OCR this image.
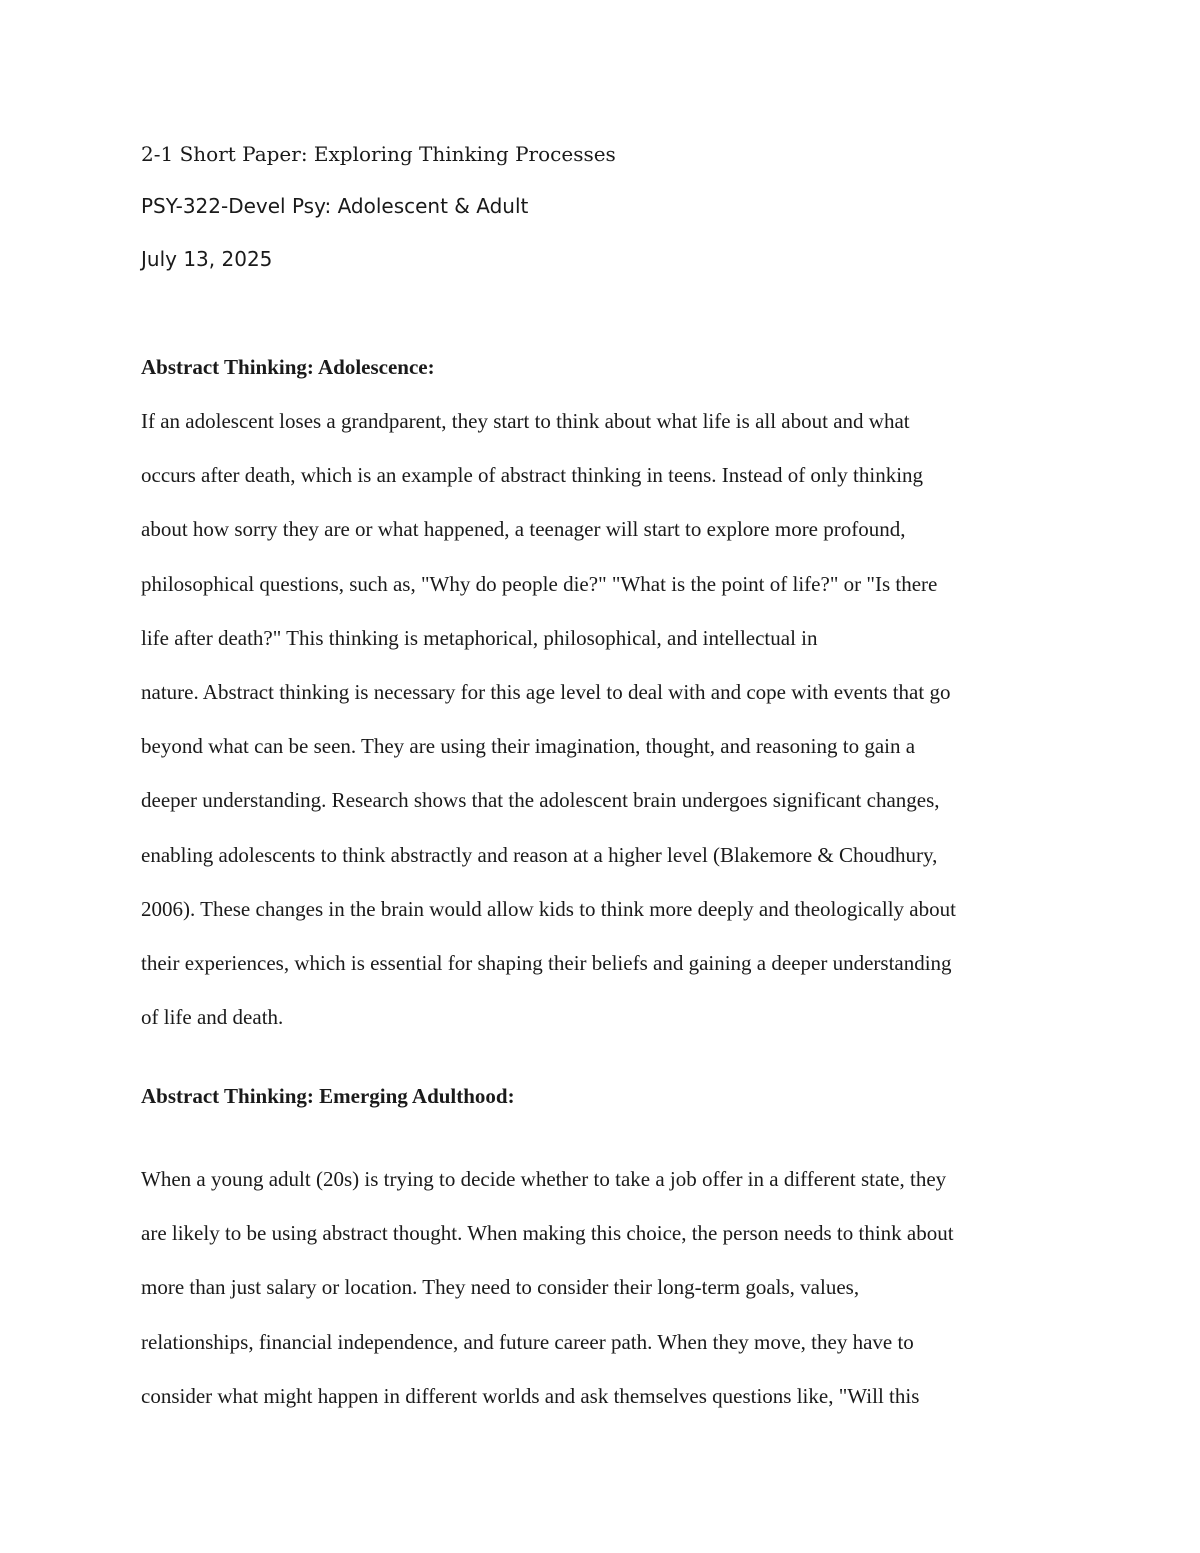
2-1 Short Paper: Exploring Thinking Processes
PSY-322-Devel Psy: Adolescent & Adult
July 13, 2025
Abstract Thinking: Adolescence:
If an adolescent loses a grandparent, they start to think about what life is all about and what
occurs after death, which is an example of abstract thinking in teens. Instead of only thinking
about how sorry they are or what happened, a teenager will start to explore more profound,
philosophical questions, such as, "Why do people die?" "What is the point of life?" or "Is there
life after death?" This thinking is metaphorical, philosophical, and intellectual in
nature. Abstract thinking is necessary for this age level to deal with and cope with events that go
beyond what can be seen. They are using their imagination, thought, and reasoning to gain a
deeper understanding. Research shows that the adolescent brain undergoes significant changes,
enabling adolescents to think abstractly and reason at a higher level (Blakemore & Choudhury,
2006). These changes in the brain would allow kids to think more deeply and theologically about
their experiences, which is essential for shaping their beliefs and gaining a deeper understanding
of life and death.
Abstract Thinking: Emerging Adulthood:
When a young adult (20s) is trying to decide whether to take a job offer in a different state, they
are likely to be using abstract thought. When making this choice, the person needs to think about
more than just salary or location. They need to consider their long-term goals, values,
relationships, financial independence, and future career path. When they move, they have to
consider what might happen in different worlds and ask themselves questions like, "Will this
